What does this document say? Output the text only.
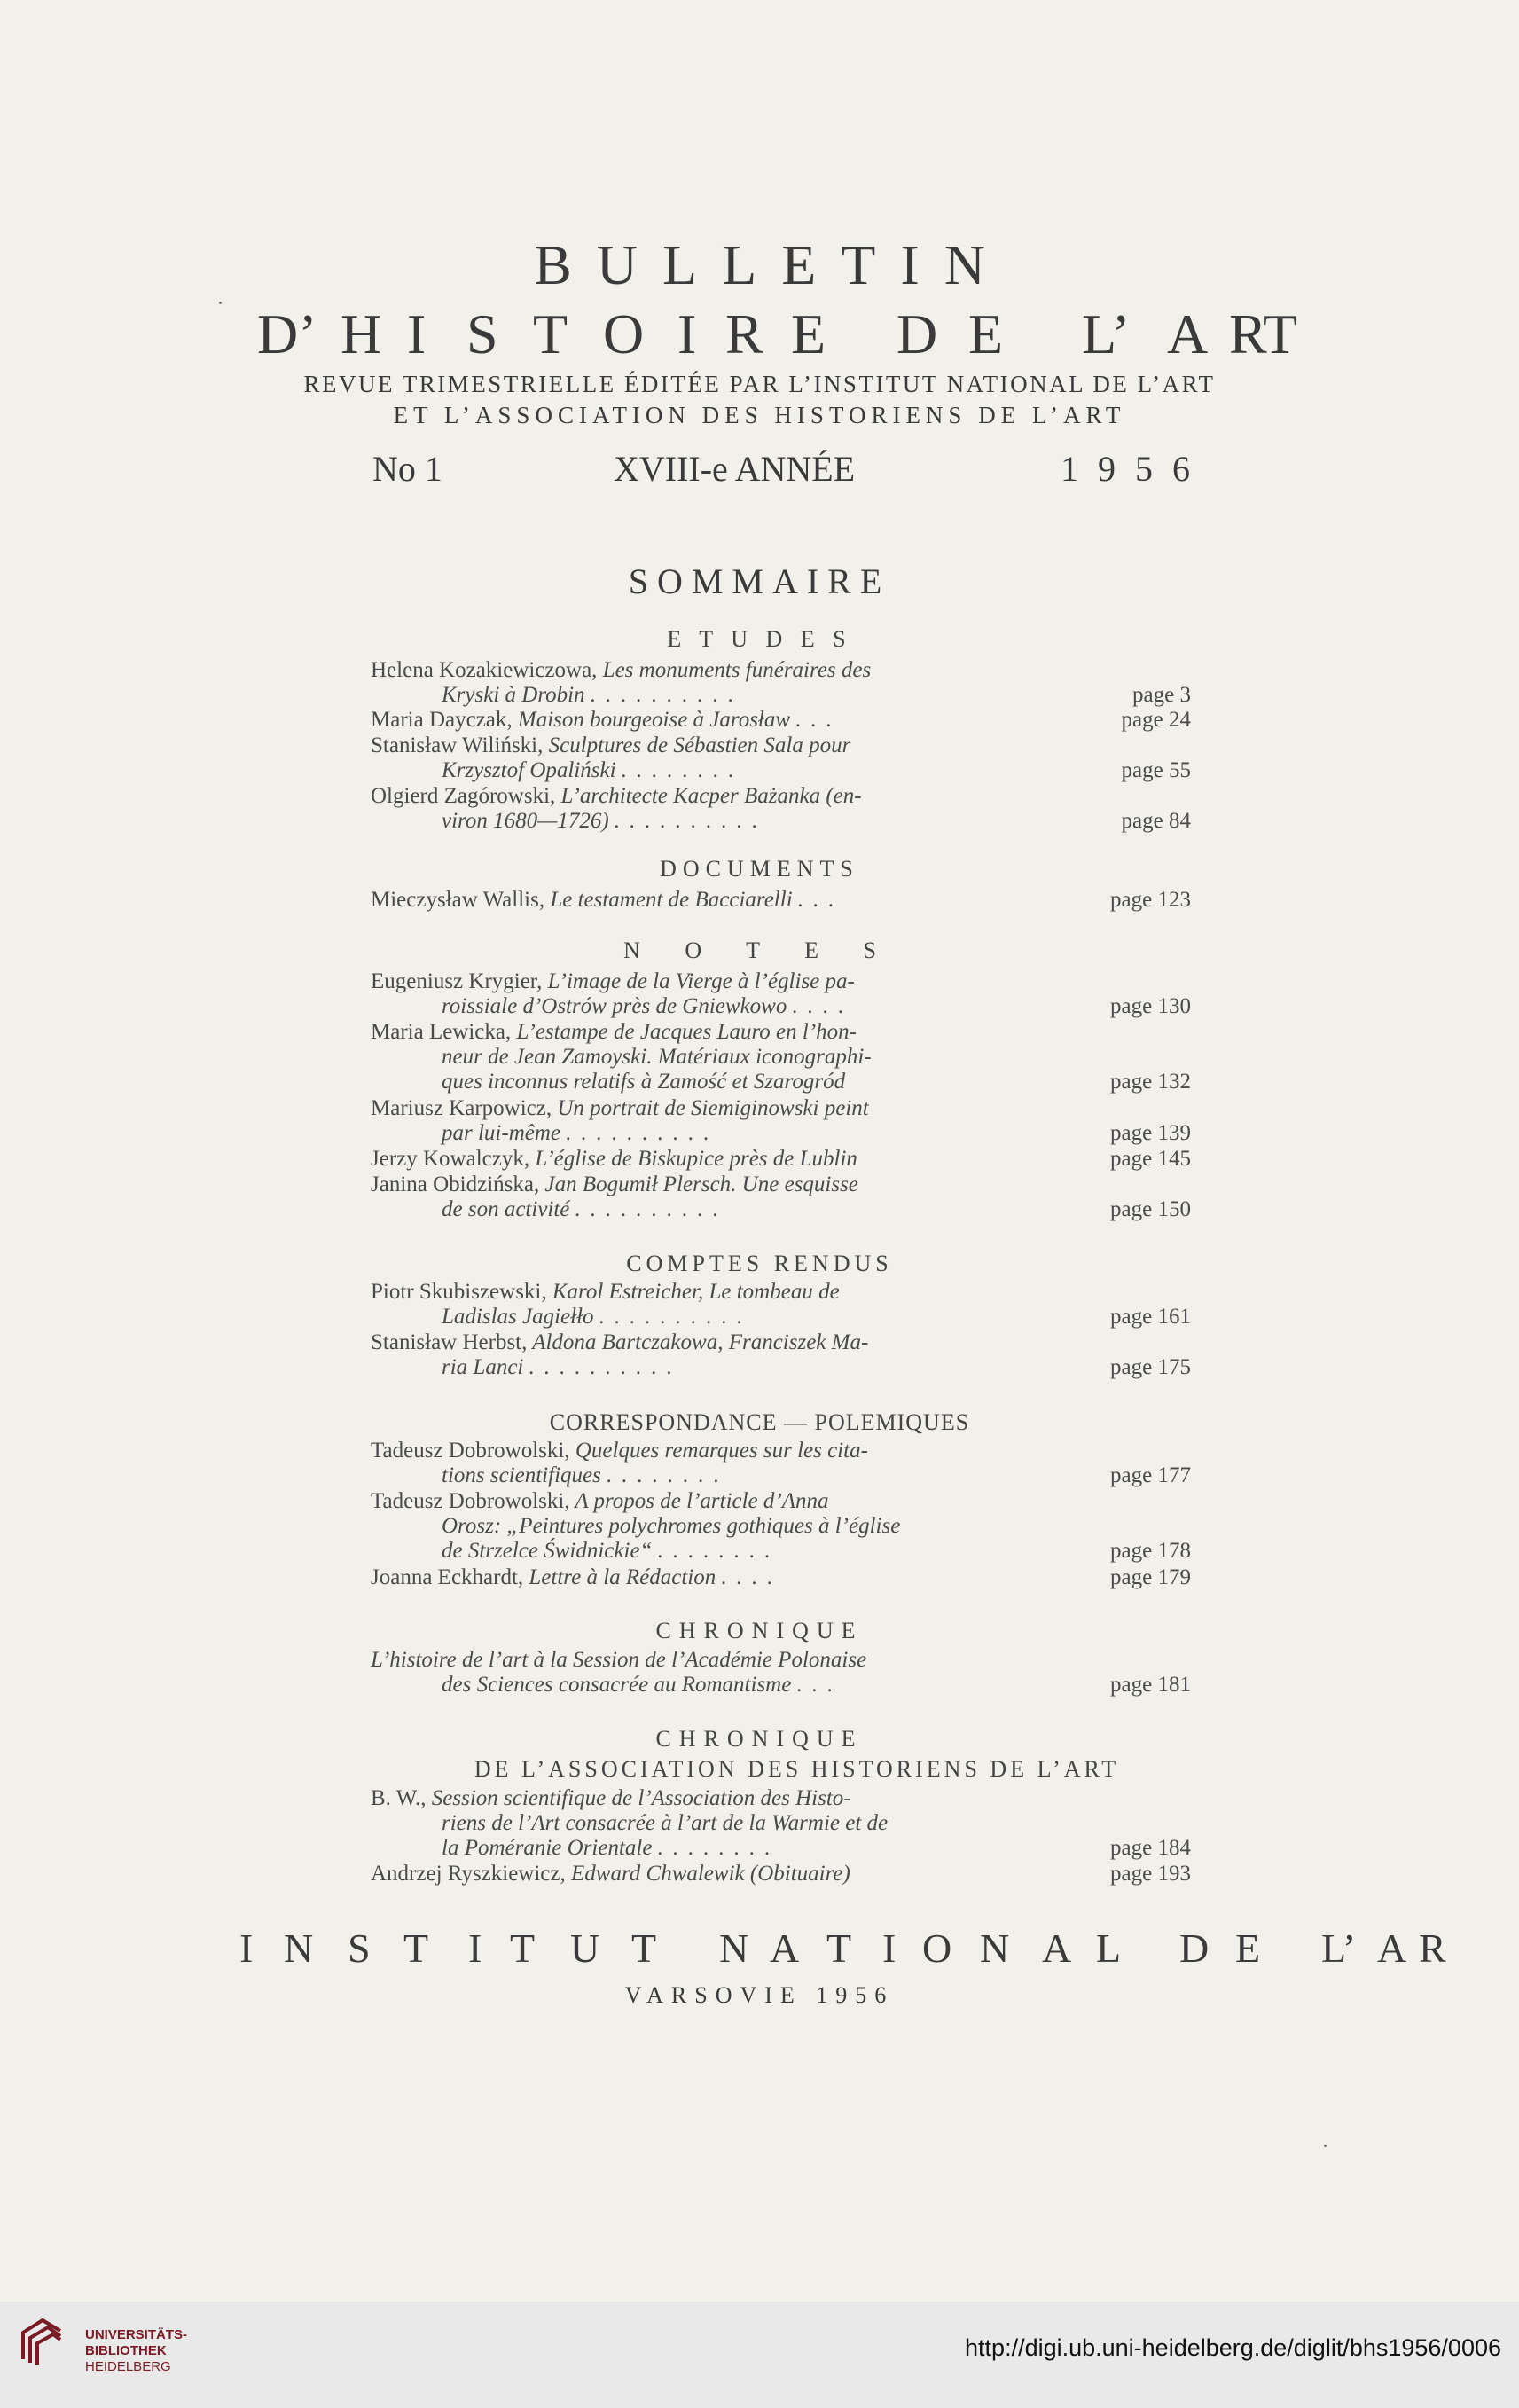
BULLETIN
D’ H I S T O I R E D E L’ A R
T
REVUE TRIMESTRIELLE ÉDITÉE PAR L’INSTITUT NATIONAL DE L’ART
ET L’ASSOCIATION DES HISTORIENS DE L’ART
No 1	XVIII-e ANNÉE	1 9 5 6
SOMMAIRE
E T U D E S
Helena Kozakiewiczowa, Les monuments funéraires des
Kryski à Drobin ..........	page 3
Maria Dayczak, Maison bourgeoise à Jarosław ...	page 24
Stanisław Wiliński, Sculptures de Sébastien Sala pour
Krzysztof Opaliński ........	page 55
Olgierd Zagórowski, L’architecte Kacper Bażanka (en-
viron 1680—1726) ..........	page 84
DOCUMENTS
Mieczysław Wallis, Le testament de Bacciarelli ...	page 123
N O T E S
Eugeniusz Krygier, L’image de la Vierge à l’église pa-
roissiale d’Ostrów près de Gniewkowo ....	page 130
Maria Lewicka, L’estampe de Jacques Lauro en l’hon-
neur de Jean Zamoyski. Matériaux iconographi-
ques inconnus relatifs à Zamość et Szarogród	page 132
Mariusz Karpowicz, Un portrait de Siemiginowski peint
par lui-même ..........	page 139
Jerzy Kowalczyk, L’église de Biskupice près de Lublin	page 145
Janina Obidzińska, Jan Bogumił Plersch. Une esquisse
de son activité ..........	page 150
COMPTES RENDUS
Piotr Skubiszewski, Karol Estreicher, Le tombeau de
Ladislas Jagiełło ..........	page 161
Stanisław Herbst, Aldona Bartczakowa, Franciszek Ma-
ria Lanci ..........	page 175
CORRESPONDANCE — POLEMIQUES
Tadeusz Dobrowolski, Quelques remarques sur les cita-
tions scientifiques ........	page 177
Tadeusz Dobrowolski, A propos de l’article d’Anna
Orosz: „Peintures polychromes gothiques à l’église
de Strzelce Świdnickie“ ........	page 178
Joanna Eckhardt, Lettre à la Rédaction ....	page 179
CHRONIQUE
L’histoire de l’art à la Session de l’Académie Polonaise
des Sciences consacrée au Romantisme ...	page 181
CHRONIQUE
DE L’ASSOCIATION DES HISTORIENS DE L’ART
B. W., Session scientifique de l’Association des Histo-
riens de l’Art consacrée à l’art de la Warmie et de
la Poméranie Orientale ........	page 184
Andrzej Ryszkiewicz, Edward Chwalewik (Obituaire)	page 193
I N S T I T U T N A T I O N A L D E L’ A R
VARSOVIE 1956
UNIVERSITÄTS-
BIBLIOTHEK
HEIDELBERG
http://digi.ub.uni-heidelberg.de/diglit/bhs1956/0006
